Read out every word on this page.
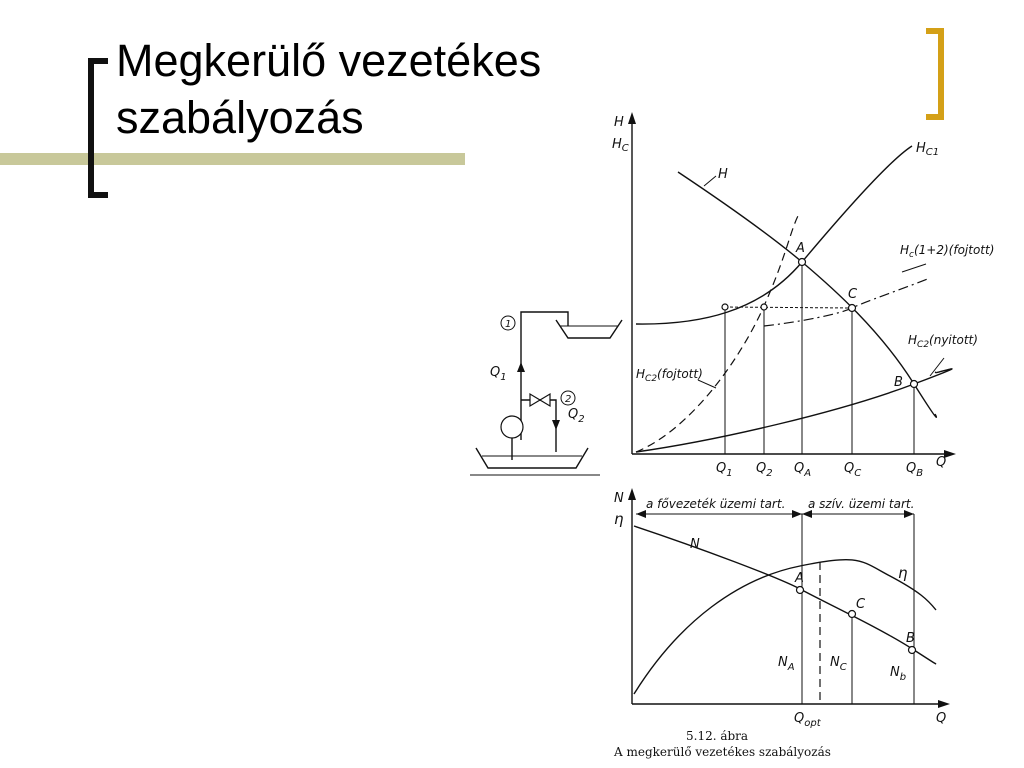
Megkerülő vezetékes
szabályozás	H
$H_C$
Q
A
C
B
H
$H_{C1}$
$H_c(1+2)(fojtott)$
$H_{C2}(nyitott)$
$H_{C2}(fojtott)$
$Q_1$ $Q_2$ $Q_A$	$Q_C$	$Q_B$
1
2
$Q_1$
$Q_2$
N
η
Q
a fővezeték üzemi tart. a szív. üzemi tart.
A
C
B
N
η
$N_A$	$N_C$	$N_b$
$Q_{opt}$
5.12. ábra
A megkerülő vezetékes szabályozás
